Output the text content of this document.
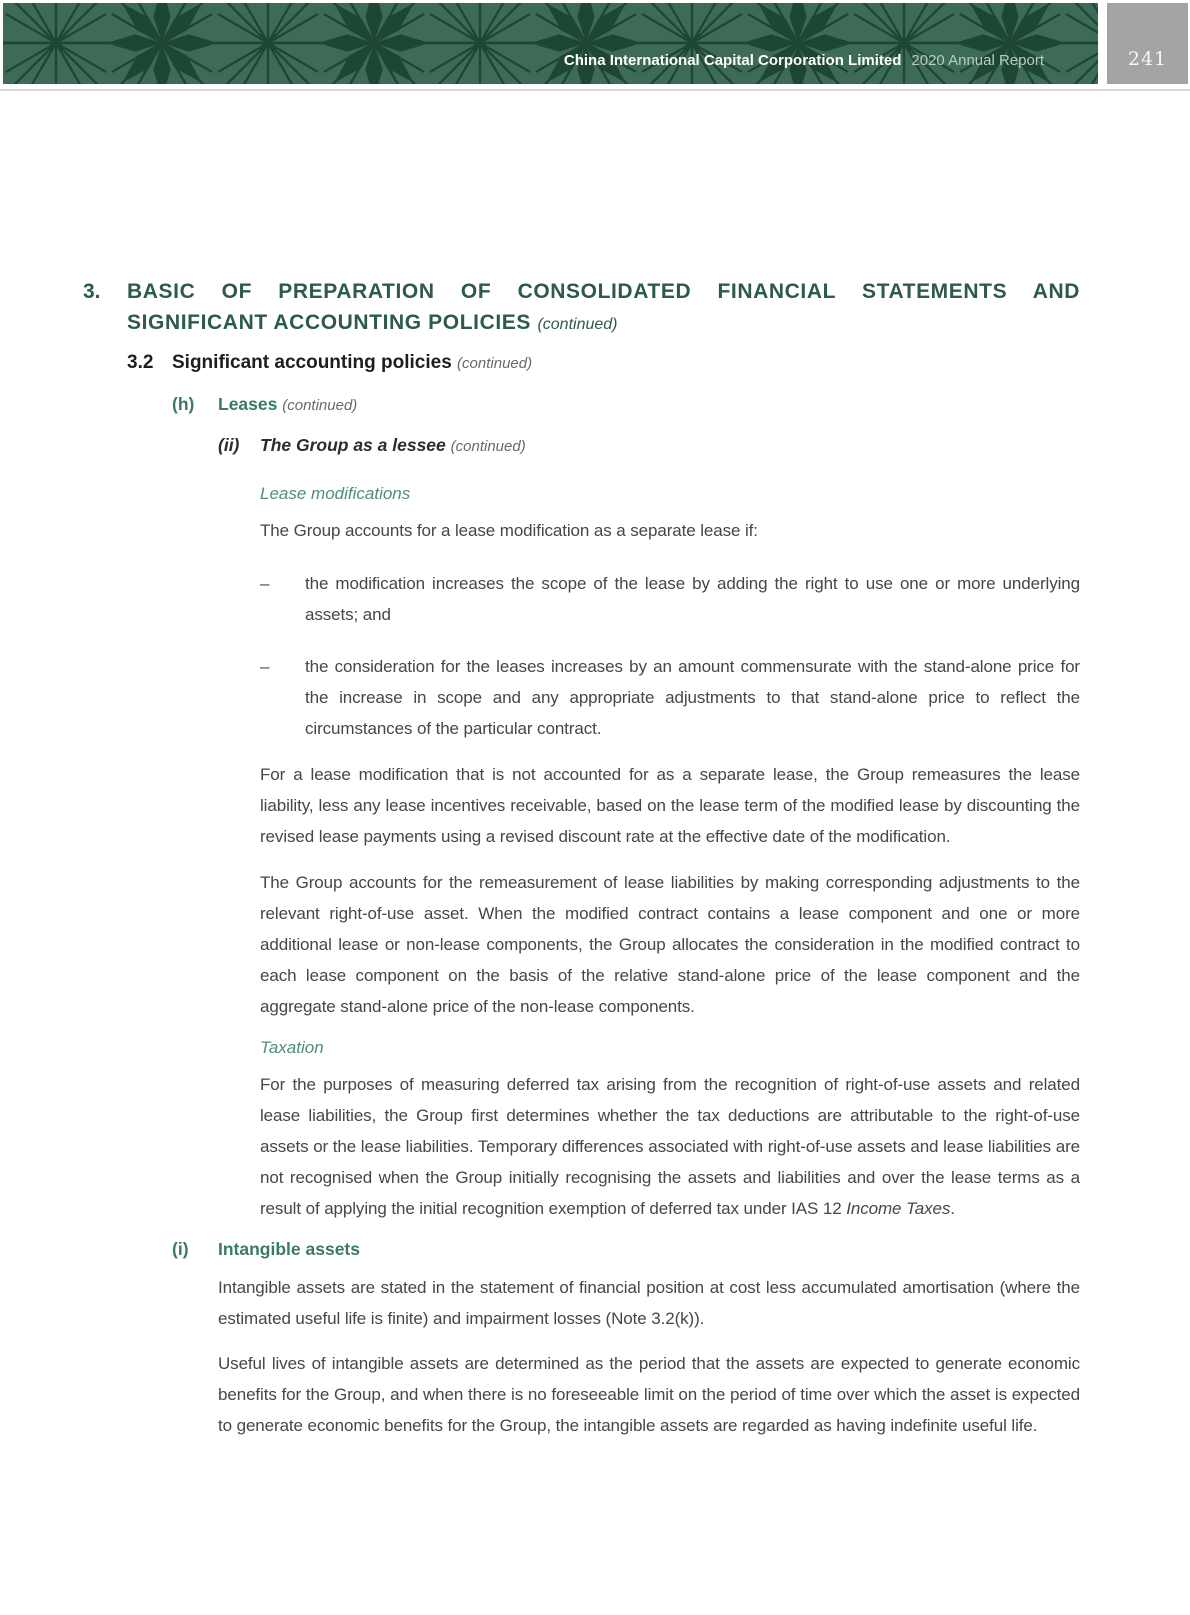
China International Capital Corporation Limited 2020 Annual Report	241
3.	BASIC OF PREPARATION OF CONSOLIDATED FINANCIAL STATEMENTS AND SIGNIFICANT ACCOUNTING POLICIES (continued)
3.2 Significant accounting policies (continued)
(h)	Leases (continued)
(ii)	The Group as a lessee (continued)
Lease modifications

The Group accounts for a lease modification as a separate lease if:

–	the modification increases the scope of the lease by adding the right to use one or more underlying assets; and

–	the consideration for the leases increases by an amount commensurate with the stand-alone price for the increase in scope and any appropriate adjustments to that stand-alone price to reflect the circumstances of the particular contract.

For a lease modification that is not accounted for as a separate lease, the Group remeasures the lease liability, less any lease incentives receivable, based on the lease term of the modified lease by discounting the revised lease payments using a revised discount rate at the effective date of the modification.

The Group accounts for the remeasurement of lease liabilities by making corresponding adjustments to the relevant right-of-use asset. When the modified contract contains a lease component and one or more additional lease or non-lease components, the Group allocates the consideration in the modified contract to each lease component on the basis of the relative stand-alone price of the lease component and the aggregate stand-alone price of the non-lease components.

Taxation

For the purposes of measuring deferred tax arising from the recognition of right-of-use assets and related lease liabilities, the Group first determines whether the tax deductions are attributable to the right-of-use assets or the lease liabilities. Temporary differences associated with right-of-use assets and lease liabilities are not recognised when the Group initially recognising the assets and liabilities and over the lease terms as a result of applying the initial recognition exemption of deferred tax under IAS 12 Income Taxes.

(i)	Intangible assets

Intangible assets are stated in the statement of financial position at cost less accumulated amortisation (where the estimated useful life is finite) and impairment losses (Note 3.2(k)).

Useful lives of intangible assets are determined as the period that the assets are expected to generate economic benefits for the Group, and when there is no foreseeable limit on the period of time over which the asset is expected to generate economic benefits for the Group, the intangible assets are regarded as having indefinite useful life.
